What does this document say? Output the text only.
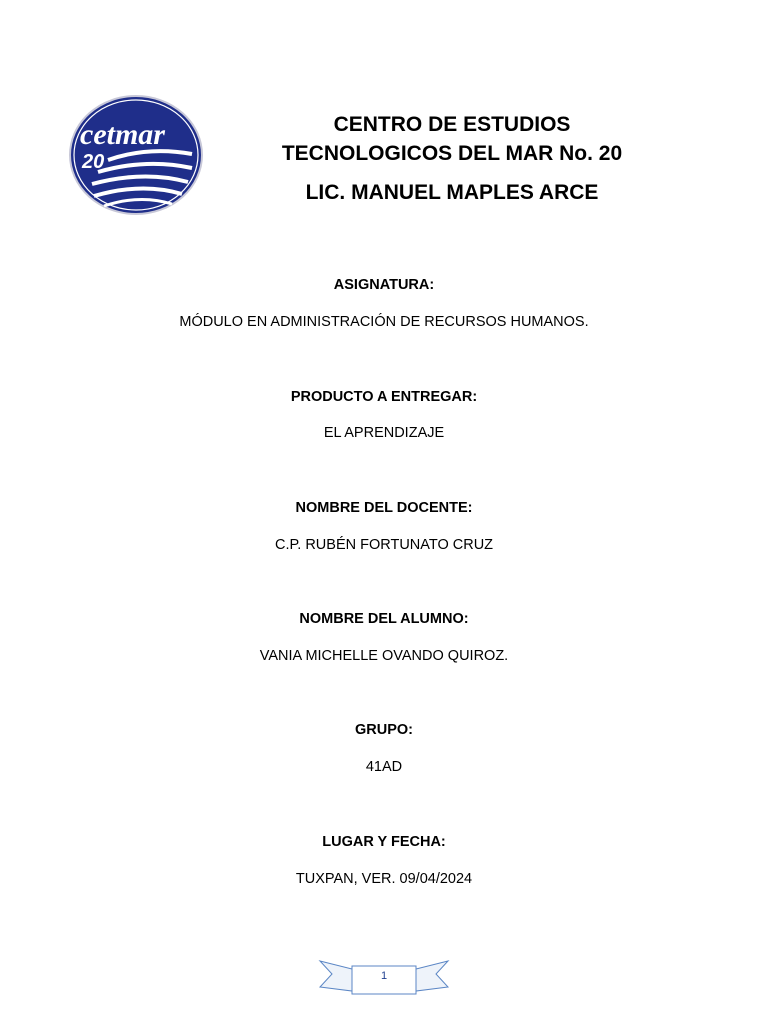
cetmar
20
CENTRO DE ESTUDIOS
TECNOLOGICOS DEL MAR No. 20
LIC. MANUEL MAPLES ARCE
ASIGNATURA:
MÓDULO EN ADMINISTRACIÓN DE RECURSOS HUMANOS.
PRODUCTO A ENTREGAR:
EL APRENDIZAJE
NOMBRE DEL DOCENTE:
C.P. RUBÉN FORTUNATO CRUZ
NOMBRE DEL ALUMNO:
VANIA MICHELLE OVANDO QUIROZ.
GRUPO:
41AD
LUGAR Y FECHA:
TUXPAN, VER. 09/04/2024
1
